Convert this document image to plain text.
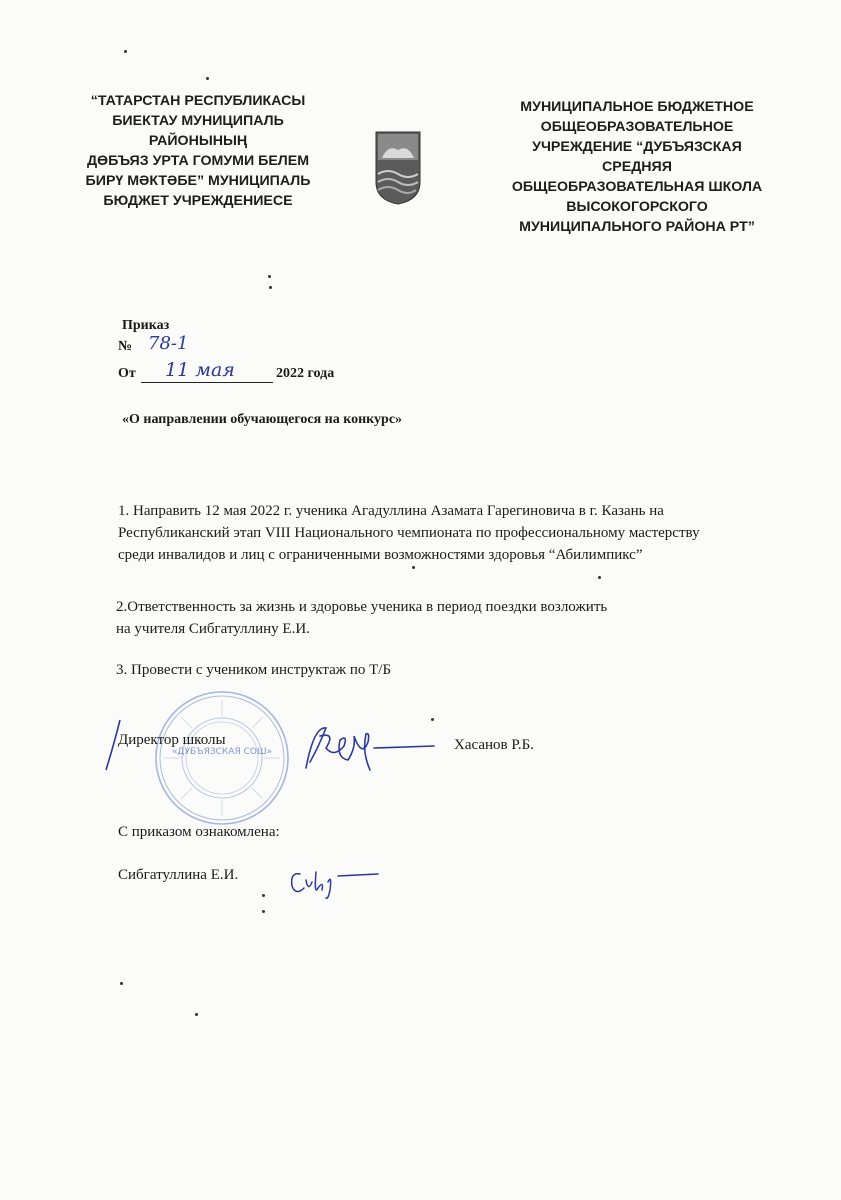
“ТАТАРСТАН РЕСПУБЛИКАСЫ
БИЕКТАУ МУНИЦИПАЛЬ
РАЙОНЫНЫҢ
ДӨБЪЯЗ УРТА ГОМУМИ БЕЛЕМ
БИРҮ МӘКТӘБЕ” МУНИЦИПАЛЬ
БЮДЖЕТ УЧРЕЖДЕНИЕСЕ
МУНИЦИПАЛЬНОЕ БЮДЖЕТНОЕ
ОБЩЕОБРАЗОВАТЕЛЬНОЕ
УЧРЕЖДЕНИЕ “ДУБЪЯЗСКАЯ
СРЕДНЯЯ
ОБЩЕОБРАЗОВАТЕЛЬНАЯ ШКОЛА
ВЫСОКОГОРСКОГО
МУНИЦИПАЛЬНОГО РАЙОНА РТ”
Приказ
№ 78-1
От 11 мая	2022 года
«О направлении обучающегося на конкурс»
1. Направить 12 мая 2022 г. ученика Агадуллина Азамата Гарегиновича в г. Казань на
Республиканский этап VIII Национального чемпионата по профессиональному мастерству
среди инвалидов и лиц с ограниченными возможностями здоровья “Абилимпикс”
2.Ответственность за жизнь и здоровье ученика в период поездки возложить
на учителя Сибгатуллину Е.И.
3. Провести с учеником инструктаж по Т/Б
«ДУБЪЯЗСКАЯ СОШ»
Директор школы	Хасанов Р.Б.
С приказом ознакомлена:
Сибгатуллина Е.И.
